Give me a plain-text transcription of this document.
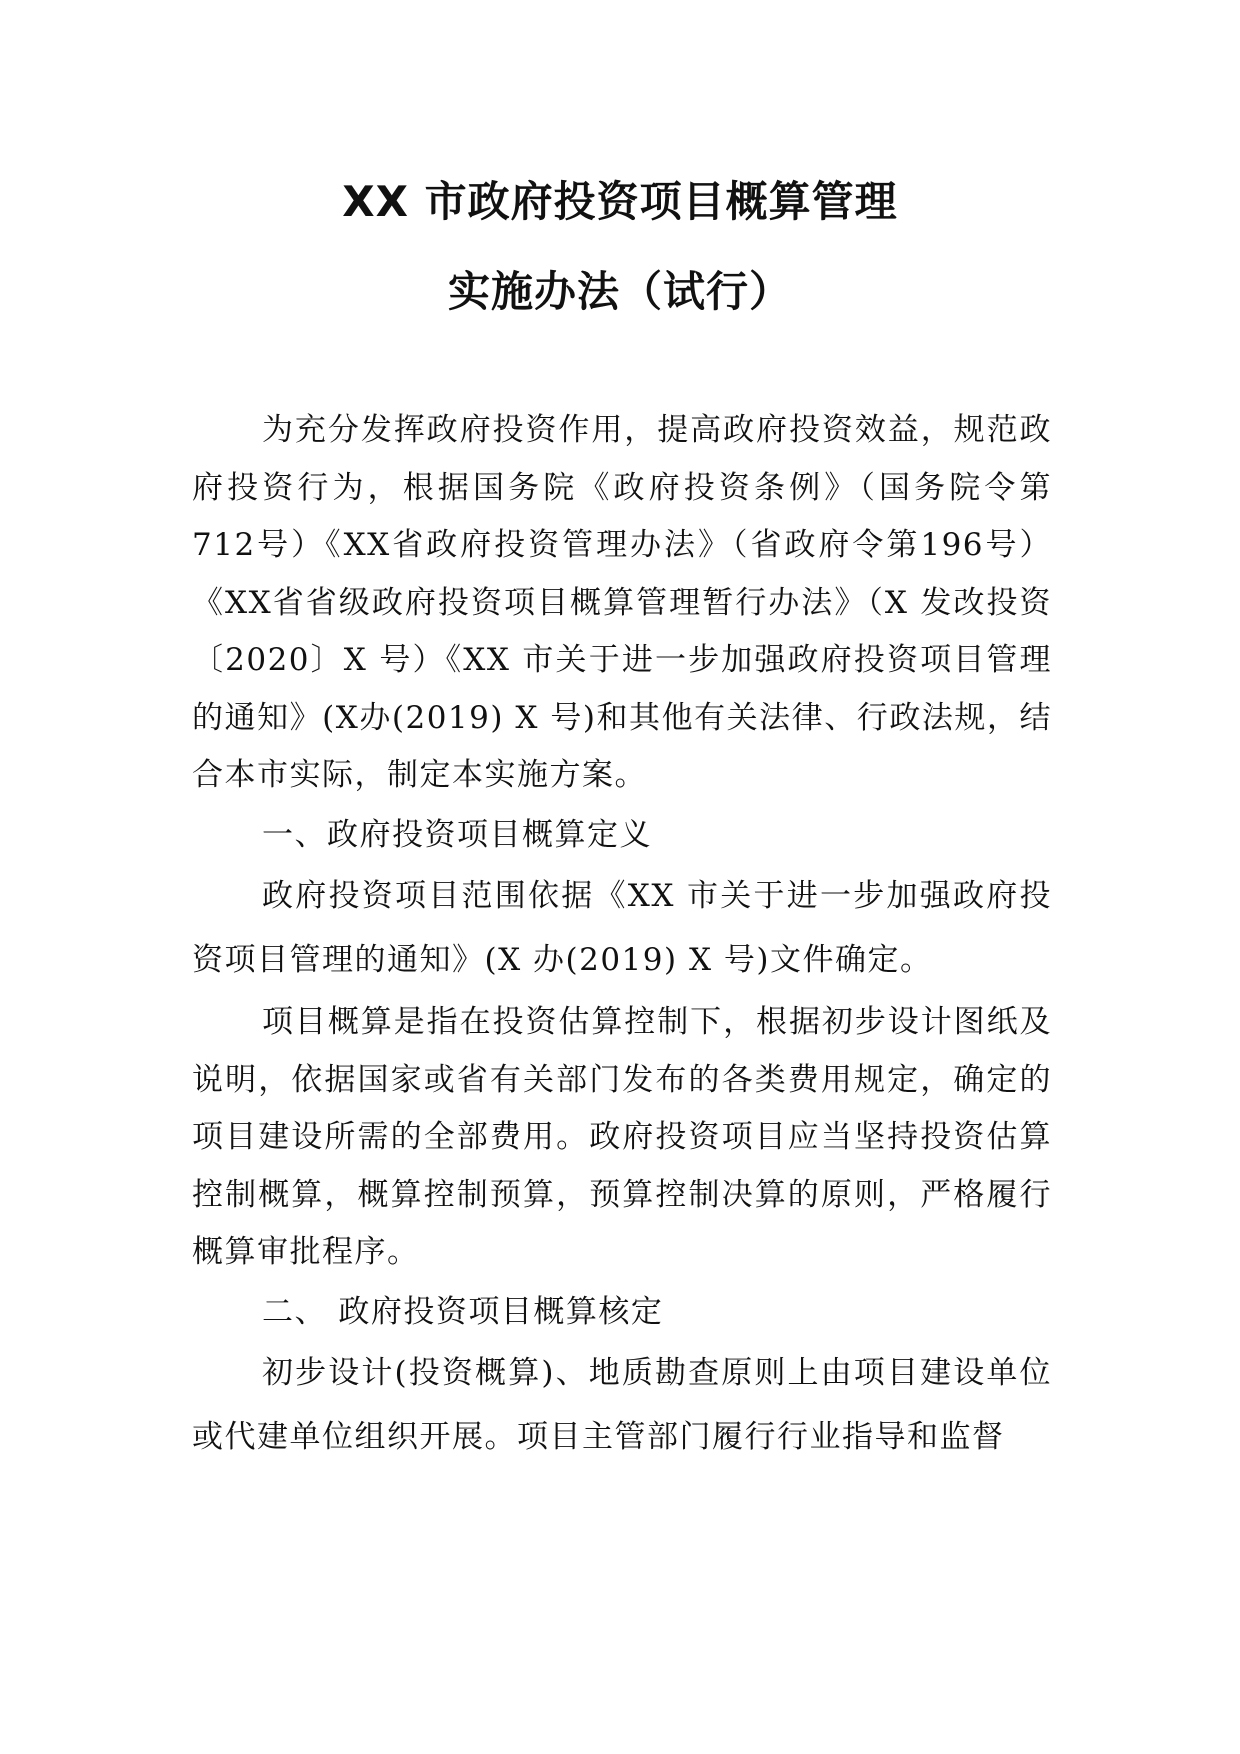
XX 市政府投资项目概算管理
实施办法（试行）

为充分发挥政府投资作用，提高政府投资效益，规范政府投资行为，根据国务院《政府投资条例》（国务院令第712号）《XX省政府投资管理办法》（省政府令第196号）《XX省省级政府投资项目概算管理暂行办法》（X 发改投资〔2020〕X 号）《XX 市关于进一步加强政府投资项目管理的通知》(X办(2019) X 号)和其他有关法律、行政法规，结合本市实际，制定本实施方案。

一、政府投资项目概算定义

政府投资项目范围依据《XX 市关于进一步加强政府投资项目管理的通知》(X 办(2019) X 号)文件确定。

项目概算是指在投资估算控制下，根据初步设计图纸及说明，依据国家或省有关部门发布的各类费用规定，确定的项目建设所需的全部费用。政府投资项目应当坚持投资估算控制概算，概算控制预算，预算控制决算的原则，严格履行概算审批程序。

二、 政府投资项目概算核定

初步设计(投资概算)、地质勘查原则上由项目建设单位或代建单位组织开展。项目主管部门履行行业指导和监督
